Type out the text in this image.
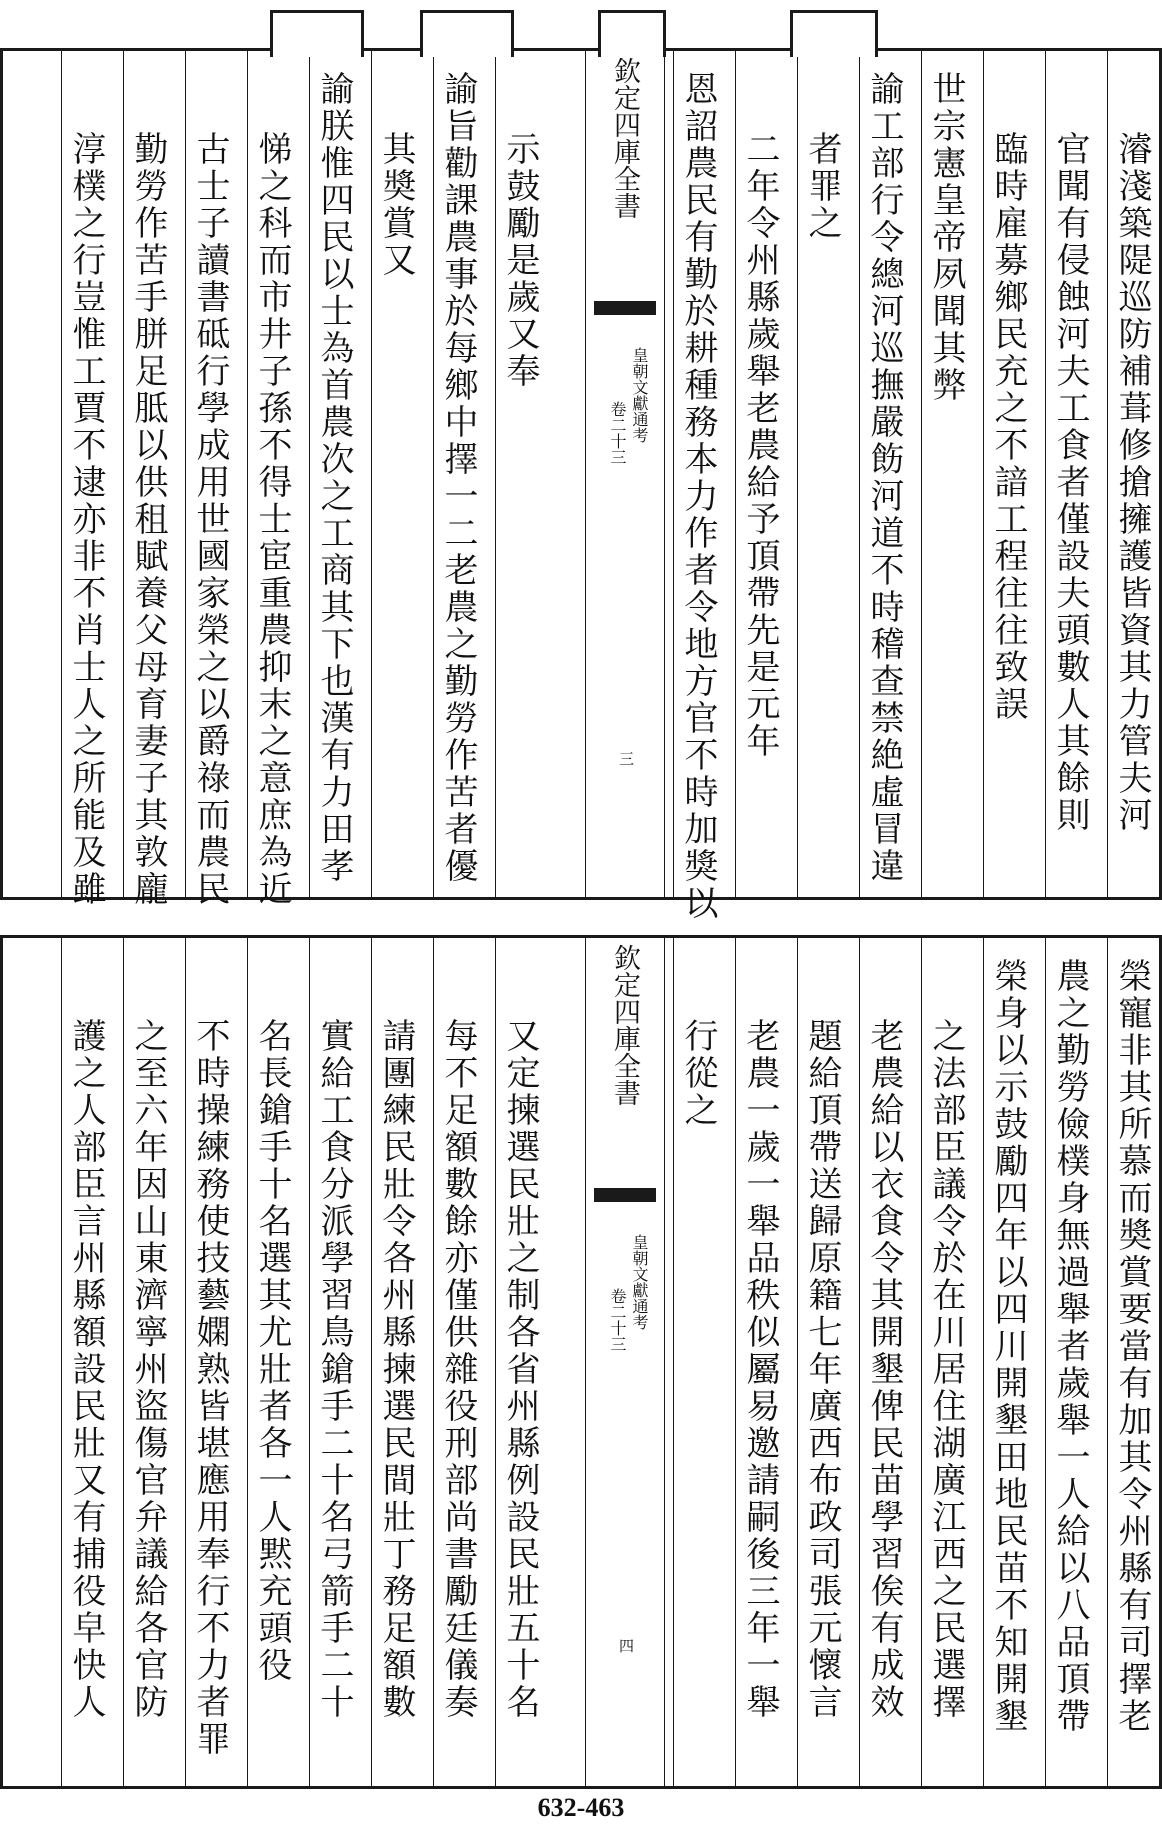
濬淺築隄巡防補葺修搶擁護皆資其力管夫河
官聞有侵蝕河夫工食者僅設夫頭數人其餘則
臨時雇募鄉民充之不諳工程往往致誤
世宗憲皇帝夙聞其弊
諭工部行令總河巡撫嚴飭河道不時稽查禁絶虛冒違
者罪之
二年令州縣歲舉老農給予頂帶先是元年
恩詔農民有勤於耕種務本力作者令地方官不時加獎以
欽定四庫全書
皇朝文獻通考
卷二十三
三
示鼓勵是歲又奉
諭旨勸課農事於每鄉中擇一二老農之勤勞作苦者優
其奬賞又
諭朕惟四民以士為首農次之工商其下也漢有力田孝
悌之科而市井子孫不得士宦重農抑末之意庶為近
古士子讀書砥行學成用世國家榮之以爵祿而農民
勤勞作苦手胼足胝以供租賦養父母育妻子其敦龐
淳樸之行豈惟工賈不逮亦非不肖士人之所能及雖
榮寵非其所慕而奬賞要當有加其令州縣有司擇老
農之勤勞儉樸身無過舉者歲舉一人給以八品頂帶
榮身以示鼓勵四年以四川開墾田地民苗不知開墾
之法部臣議令於在川居住湖廣江西之民選擇
老農給以衣食令其開墾俾民苗學習俟有成效
題給頂帶送歸原籍七年廣西布政司張元懷言
老農一歲一舉品秩似屬易邀請嗣後三年一舉
行從之
欽定四庫全書
皇朝文獻通考
卷二十三
四
又定揀選民壯之制各省州縣例設民壯五十名
每不足額數餘亦僅供雜役刑部尚書勵廷儀奏
請團練民壯令各州縣揀選民間壯丁務足額數
實給工食分派學習鳥鎗手二十名弓箭手二十
名長鎗手十名選其尤壯者各一人黙充頭役
不時操練務使技藝嫻熟皆堪應用奉行不力者罪
之至六年因山東濟寧州盜傷官弁議給各官防
護之人部臣言州縣額設民壯又有捕役皁快人
632-463
